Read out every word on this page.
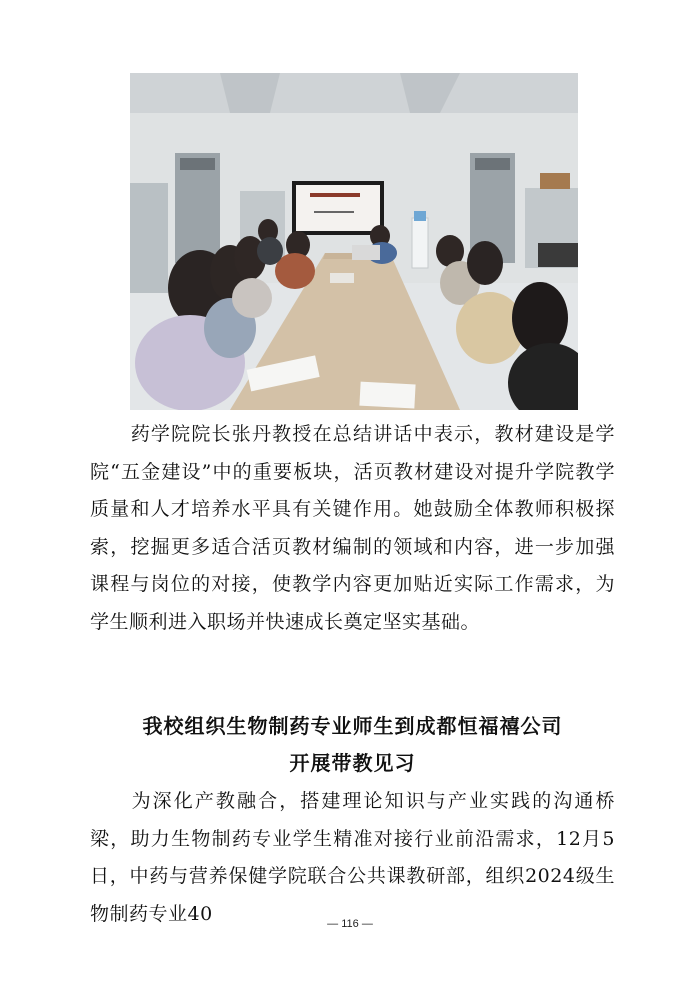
药学院院长张丹教授在总结讲话中表示，教材建设是学院“五金建设”中的重要板块，活页教材建设对提升学院教学质量和人才培养水平具有关键作用。她鼓励全体教师积极探索，挖掘更多适合活页教材编制的领域和内容，进一步加强课程与岗位的对接，使教学内容更加贴近实际工作需求，为学生顺利进入职场并快速成长奠定坚实基础。

我校组织生物制药专业师生到成都恒福禧公司

开展带教见习

为深化产教融合，搭建理论知识与产业实践的沟通桥梁，助力生物制药专业学生精准对接行业前沿需求，12月5日，中药与营养保健学院联合公共课教研部，组织2024级生物制药专业40	— 116 —
